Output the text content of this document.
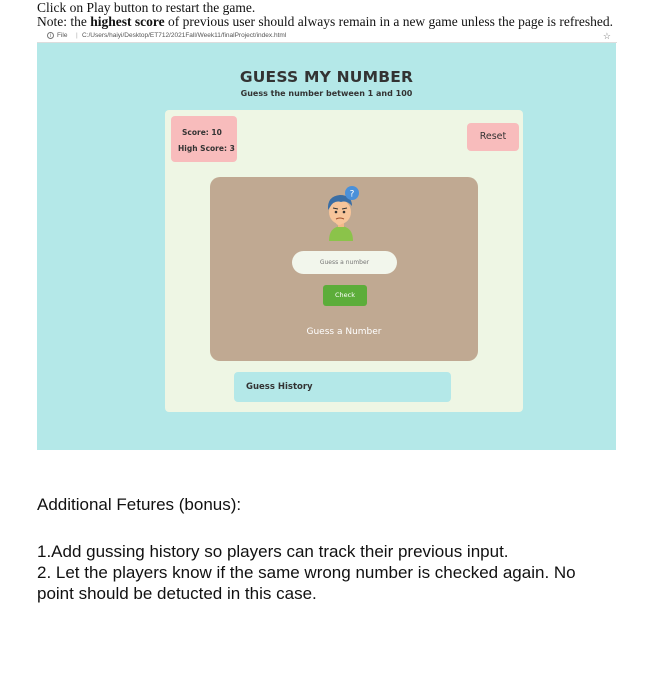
Click on Play button to restart the game.
Note: the highest score of previous user should always remain in a new game unless the page is refreshed.
i File | C:/Users/haiyi/Desktop/ET712/2021Fall/Week11/finalProject/index.html	☆
GUESS MY NUMBER
Guess the number between 1 and 100
Score: 10
High Score: 3
Reset
?
Guess a number
Check
Guess a Number
Guess History
Additional Fetures (bonus):
1.Add gussing history so players can track their previous input.
2. Let the players know if the same wrong number is checked again. No
point should be detucted in this case.
